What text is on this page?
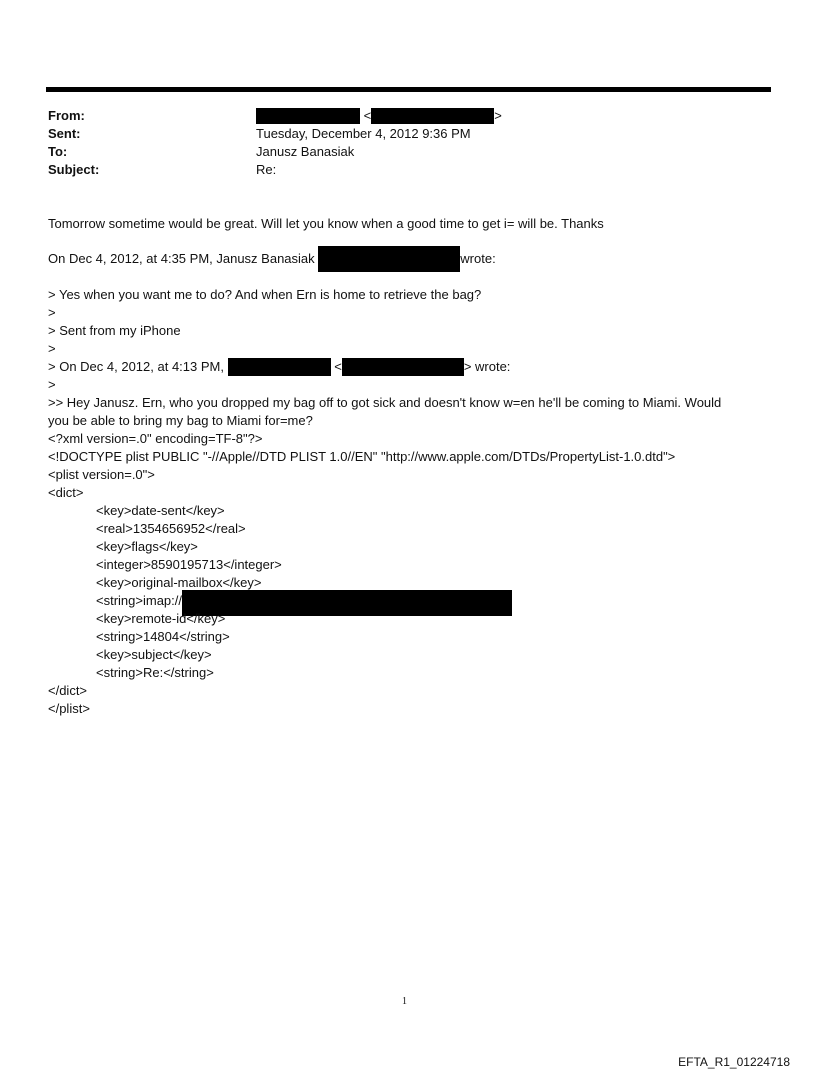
From:	<	>
Sent:	Tuesday, December 4, 2012 9:36 PM
To:	Janusz Banasiak
Subject:	Re:
Tomorrow sometime would be great. Will let you know when a good time to get i= will be. Thanks
On Dec 4, 2012, at 4:35 PM, Janusz Banasiak	wrote:
> Yes when you want me to do? And when Ern is home to retrieve the bag?
>
> Sent from my iPhone
>
> On Dec 4, 2012, at 4:13 PM,	<	> wrote:
>
>> Hey Janusz. Ern, who you dropped my bag off to got sick and doesn't know w=en he'll be coming to Miami. Would
you be able to bring my bag to Miami for=me?
<?xml version=.0" encoding=TF-8"?>
<!DOCTYPE plist PUBLIC "-//Apple//DTD PLIST 1.0//EN" "http://www.apple.com/DTDs/PropertyList-1.0.dtd">
<plist version=.0">
<dict>
<key>date-sent</key>
<real>1354656952</real>
<key>flags</key>
<integer>8590195713</integer>
<key>original-mailbox</key>
<string>imap://
<key>remote-id</key>
<string>14804</string>
<key>subject</key>
<string>Re:</string>
</dict>
</plist>
1
EFTA_R1_01224718
